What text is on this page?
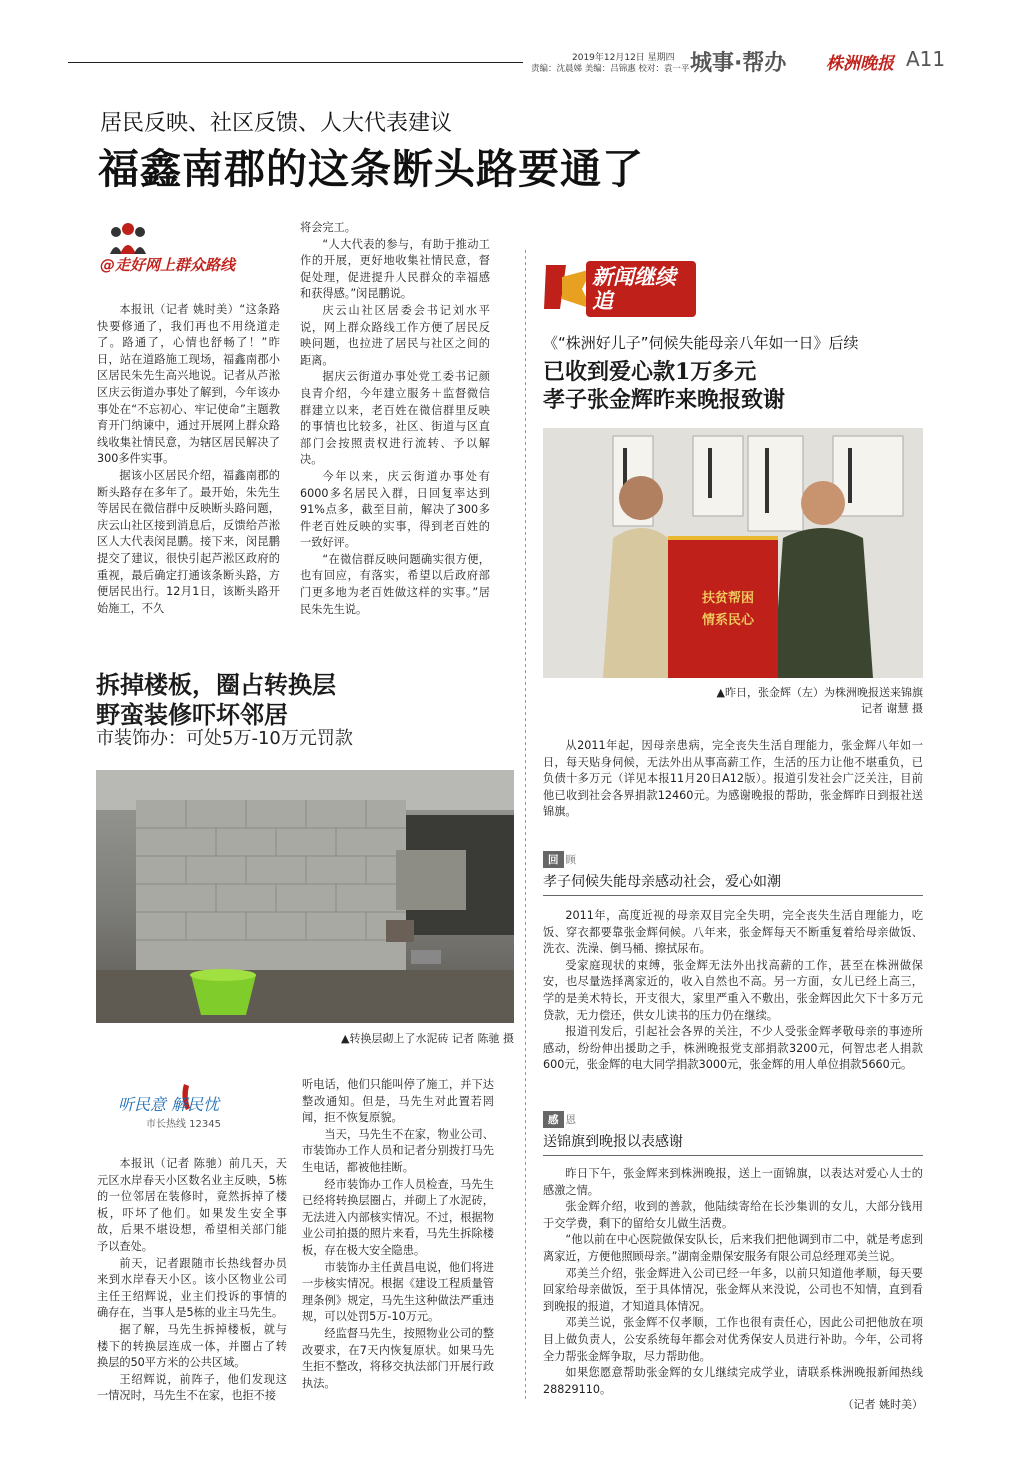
2019年12月12日 星期四
责编：沈晨娣 美编：吕锦惠 校对：袁一平 城事·帮办 株洲晚报 A11
居民反映、社区反馈、人大代表建议
福鑫南郡的这条断头路要通了
@走好网上群众路线

本报讯（记者 姚时美）“这条路快要修通了，我们再也不用绕道走了。路通了，心情也舒畅了！”昨日，站在道路施工现场，福鑫南郡小区居民朱先生高兴地说。记者从芦淞区庆云街道办事处了解到，今年该办事处在“不忘初心、牢记使命”主题教育开门纳谏中，通过开展网上群众路线收集社情民意，为辖区居民解决了300多件实事。

据该小区居民介绍，福鑫南郡的断头路存在多年了。最开始，朱先生等居民在微信群中反映断头路问题，庆云山社区接到消息后，反馈给芦淞区人大代表闵昆鹏。接下来，闵昆鹏提交了建议，很快引起芦淞区政府的重视，最后确定打通该条断头路，方便居民出行。12月1日，该断头路开始施工，不久

将会完工。

“人大代表的参与，有助于推动工作的开展，更好地收集社情民意，督促处理，促进提升人民群众的幸福感和获得感。”闵昆鹏说。

庆云山社区居委会书记刘水平说，网上群众路线工作方便了居民反映问题，也拉进了居民与社区之间的距离。

据庆云街道办事处党工委书记颜良青介绍，今年建立服务＋监督微信群建立以来，老百姓在微信群里反映的事情也比较多，社区、街道与区直部门会按照责权进行流转、予以解决。

今年以来，庆云街道办事处有6000多名居民入群，日回复率达到91%点多，截至目前，解决了300多件老百姓反映的实事，得到老百姓的一致好评。

“在微信群反映问题确实很方便，也有回应，有落实，希望以后政府部门更多地为老百姓做这样的实事。”居民朱先生说。

拆掉楼板，圈占转换层
野蛮装修吓坏邻居
市装饰办：可处5万-10万元罚款
▲转换层砌上了水泥砖 记者 陈驰 摄
听民意 解民忧
市长热线 12345

本报讯（记者 陈驰）前几天，天元区水岸春天小区数名业主反映，5栋的一位邻居在装修时，竟然拆掉了楼板，吓坏了他们。如果发生安全事故，后果不堪设想，希望相关部门能予以查处。

前天，记者跟随市长热线督办员来到水岸春天小区。该小区物业公司主任王绍辉说，业主们投诉的事情的确存在，当事人是5栋的业主马先生。

据了解，马先生拆掉楼板，就与楼下的转换层连成一体，并圈占了转换层的50平方米的公共区域。

王绍辉说，前阵子，他们发现这一情况时，马先生不在家，也拒不接

听电话，他们只能叫停了施工，并下达整改通知。但是，马先生对此置若罔闻，拒不恢复原貌。

当天，马先生不在家，物业公司、市装饰办工作人员和记者分别拨打马先生电话，都被他挂断。

经市装饰办工作人员检查，马先生已经将转换层圈占，并砌上了水泥砖，无法进入内部核实情况。不过，根据物业公司拍摄的照片来看，马先生拆除楼板，存在极大安全隐患。

市装饰办主任黄昌电说，他们将进一步核实情况。根据《建设工程质量管理条例》规定，马先生这种做法严重违规，可以处罚5万-10万元。

经监督马先生，按照物业公司的整改要求，在7天内恢复原状。如果马先生拒不整改，将移交执法部门开展行政执法。

新闻继续追
《“株洲好儿子”伺候失能母亲八年如一日》后续
已收到爱心款1万多元
孝子张金辉昨来晚报致谢
扶贫帮困 情系民心
▲昨日，张金辉（左）为株洲晚报送来锦旗
记者 谢慧 摄

从2011年起，因母亲患病，完全丧失生活自理能力，张金辉八年如一日，每天贴身伺候，无法外出从事高薪工作，生活的压力让他不堪重负，已负债十多万元（详见本报11月20日A12版）。报道引发社会广泛关注，目前他已收到社会各界捐款12460元。为感谢晚报的帮助，张金辉昨日到报社送锦旗。

回 顾
孝子伺候失能母亲感动社会，爱心如潮

2011年，高度近视的母亲双目完全失明，完全丧失生活自理能力，吃饭、穿衣都要靠张金辉伺候。八年来，张金辉每天不断重复着给母亲做饭、洗衣、洗澡、倒马桶、擦拭尿布。

受家庭现状的束缚，张金辉无法外出找高薪的工作，甚至在株洲做保安，也尽量选择离家近的，收入自然也不高。另一方面，女儿已经上高三，学的是美术特长，开支很大，家里严重入不敷出，张金辉因此欠下十多万元贷款，无力偿还，供女儿读书的压力仍在继续。

报道刊发后，引起社会各界的关注，不少人受张金辉孝敬母亲的事迹所感动，纷纷伸出援助之手，株洲晚报党支部捐款3200元，何智忠老人捐款600元，张金辉的电大同学捐款3000元，张金辉的用人单位捐款5660元。

感 恩
送锦旗到晚报以表感谢

昨日下午，张金辉来到株洲晚报，送上一面锦旗，以表达对爱心人士的感激之情。

张金辉介绍，收到的善款，他陆续寄给在长沙集训的女儿，大部分钱用于交学费，剩下的留给女儿做生活费。

“他以前在中心医院做保安队长，后来我们把他调到市二中，就是考虑到离家近，方便他照顾母亲。”湖南金鼎保安服务有限公司总经理邓美兰说。

邓美兰介绍，张金辉进入公司已经一年多，以前只知道他孝顺，每天要回家给母亲做饭，至于具体情况，张金辉从来没说，公司也不知情，直到看到晚报的报道，才知道具体情况。

邓美兰说，张金辉不仅孝顺，工作也很有责任心，因此公司把他放在项目上做负责人，公安系统每年都会对优秀保安人员进行补助。今年，公司将全力帮张金辉争取，尽力帮助他。

如果您愿意帮助张金辉的女儿继续完成学业，请联系株洲晚报新闻热线28829110。

（记者 姚时美）
